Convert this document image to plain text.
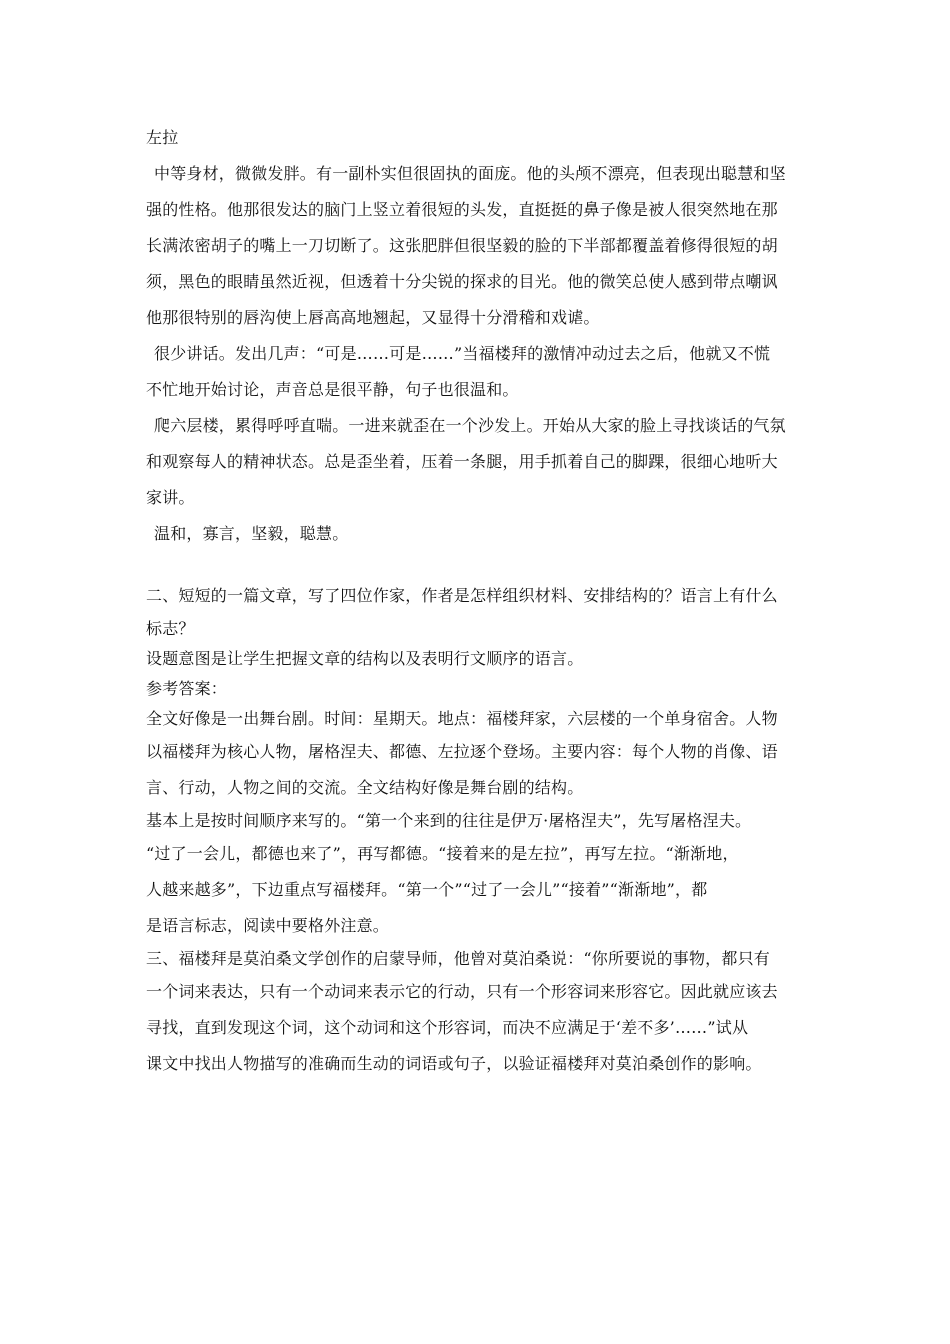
左拉
中等身材，微微发胖。有一副朴实但很固执的面庞。他的头颅不漂亮，但表现出聪慧和坚
强的性格。他那很发达的脑门上竖立着很短的头发，直挺挺的鼻子像是被人很突然地在那
长满浓密胡子的嘴上一刀切断了。这张肥胖但很坚毅的脸的下半部都覆盖着修得很短的胡
须，黑色的眼睛虽然近视，但透着十分尖锐的探求的目光。他的微笑总使人感到带点嘲讽
他那很特别的唇沟使上唇高高地翘起，又显得十分滑稽和戏谑。
很少讲话。发出几声：“可是……可是……”当福楼拜的激情冲动过去之后，他就又不慌
不忙地开始讨论，声音总是很平静，句子也很温和。
爬六层楼，累得呼呼直喘。一进来就歪在一个沙发上。开始从大家的脸上寻找谈话的气氛
和观察每人的精神状态。总是歪坐着，压着一条腿，用手抓着自己的脚踝，很细心地听大
家讲。
温和，寡言，坚毅，聪慧。
二、短短的一篇文章，写了四位作家，作者是怎样组织材料、安排结构的？语言上有什么
标志？
设题意图是让学生把握文章的结构以及表明行文顺序的语言。
参考答案：
全文好像是一出舞台剧。时间：星期天。地点：福楼拜家，六层楼的一个单身宿舍。人物
以福楼拜为核心人物，屠格涅夫、都德、左拉逐个登场。主要内容：每个人物的肖像、语
言、行动，人物之间的交流。全文结构好像是舞台剧的结构。
基本上是按时间顺序来写的。“第一个来到的往往是伊万·屠格涅夫”，先写屠格涅夫。
“过了一会儿，都德也来了”，再写都德。“接着来的是左拉”，再写左拉。“渐渐地，
人越来越多”，下边重点写福楼拜。“第一个”“过了一会儿”“接着”“渐渐地”，都
是语言标志，阅读中要格外注意。
三、福楼拜是莫泊桑文学创作的启蒙导师，他曾对莫泊桑说：“你所要说的事物，都只有
一个词来表达，只有一个动词来表示它的行动，只有一个形容词来形容它。因此就应该去
寻找，直到发现这个词，这个动词和这个形容词，而决不应满足于‘差不多’……”试从
课文中找出人物描写的准确而生动的词语或句子，以验证福楼拜对莫泊桑创作的影响。
